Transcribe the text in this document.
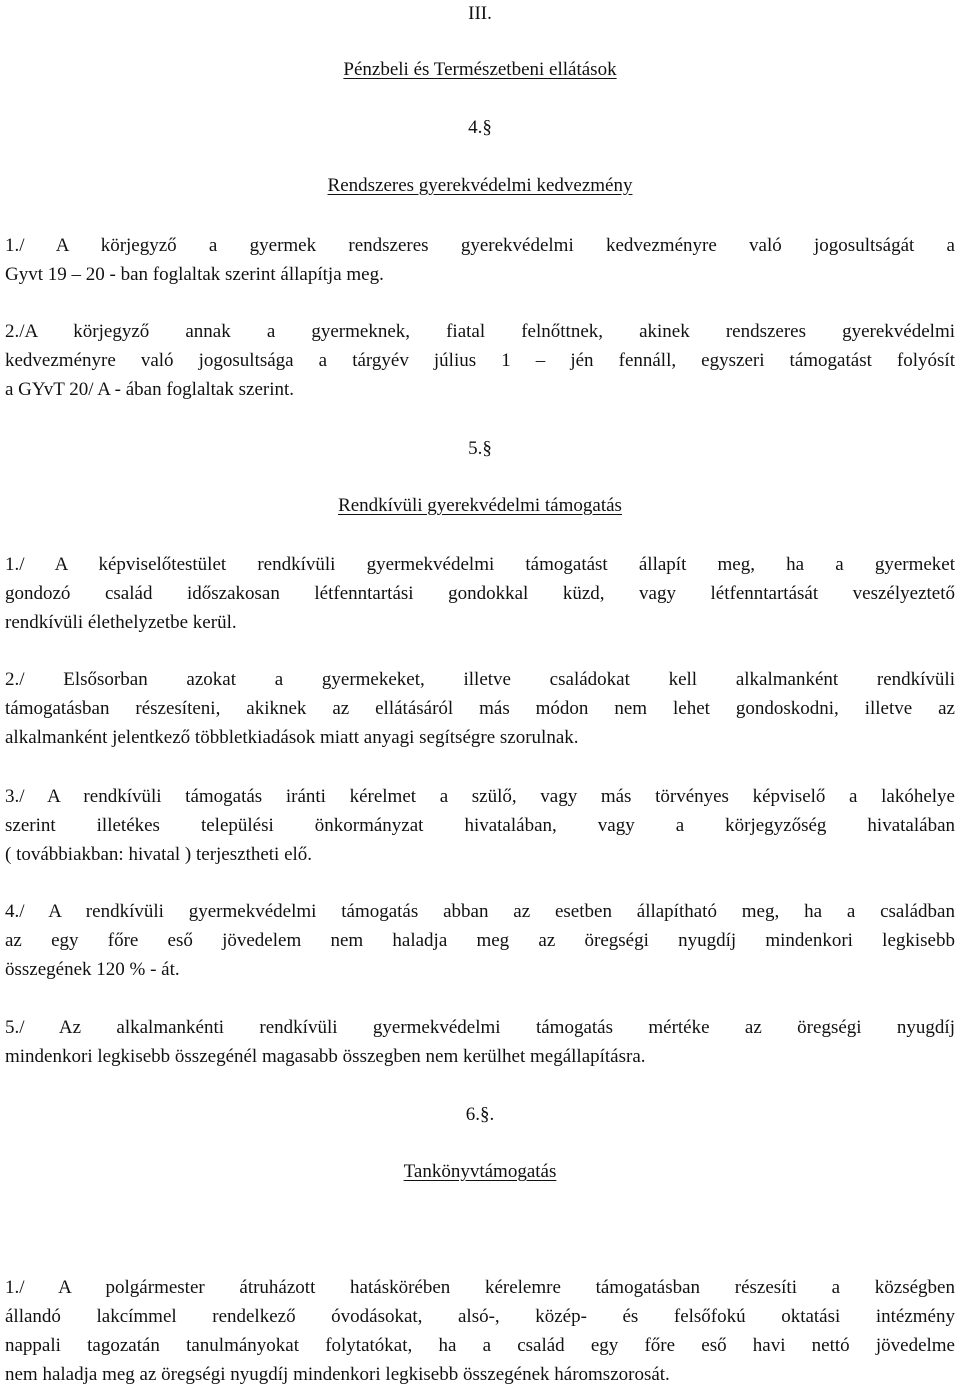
III.
Pénzbeli és Természetbeni ellátások
4.§
Rendszeres gyerekvédelmi kedvezmény
1./ A körjegyző a gyermek rendszeres gyerekvédelmi kedvezményre való jogosultságát a
Gyvt 19 – 20 - ban foglaltak szerint állapítja meg.
2./A körjegyző annak a gyermeknek, fiatal felnőttnek, akinek rendszeres gyerekvédelmi
kedvezményre való jogosultsága a tárgyév július 1 – jén fennáll, egyszeri támogatást folyósít
a GYvT 20/ A - ában foglaltak szerint.
5.§
Rendkívüli gyerekvédelmi támogatás
1./ A képviselőtestület rendkívüli gyermekvédelmi támogatást állapít meg, ha a gyermeket
gondozó család időszakosan létfenntartási gondokkal küzd, vagy létfenntartását veszélyeztető
rendkívüli élethelyzetbe kerül.
2./ Elsősorban azokat a gyermekeket, illetve családokat kell alkalmanként rendkívüli
támogatásban részesíteni, akiknek az ellátásáról más módon nem lehet gondoskodni, illetve az
alkalmanként jelentkező többletkiadások miatt anyagi segítségre szorulnak.
3./ A rendkívüli támogatás iránti kérelmet a szülő, vagy más törvényes képviselő a lakóhelye
szerint illetékes települési önkormányzat hivatalában, vagy a körjegyzőség hivatalában
( továbbiakban: hivatal ) terjesztheti elő.
4./ A rendkívüli gyermekvédelmi támogatás abban az esetben állapítható meg, ha a családban
az egy főre eső jövedelem nem haladja meg az öregségi nyugdíj mindenkori legkisebb
összegének 120 % - át.
5./ Az alkalmankénti rendkívüli gyermekvédelmi támogatás mértéke az öregségi nyugdíj
mindenkori legkisebb összegénél magasabb összegben nem kerülhet megállapításra.
6.§.
Tankönyvtámogatás
1./ A polgármester átruházott hatáskörében kérelemre támogatásban részesíti a községben
állandó lakcímmel rendelkező óvodásokat, alsó-, közép- és felsőfokú oktatási intézmény
nappali tagozatán tanulmányokat folytatókat, ha a család egy főre eső havi nettó jövedelme
nem haladja meg az öregségi nyugdíj mindenkori legkisebb összegének háromszorosát.
